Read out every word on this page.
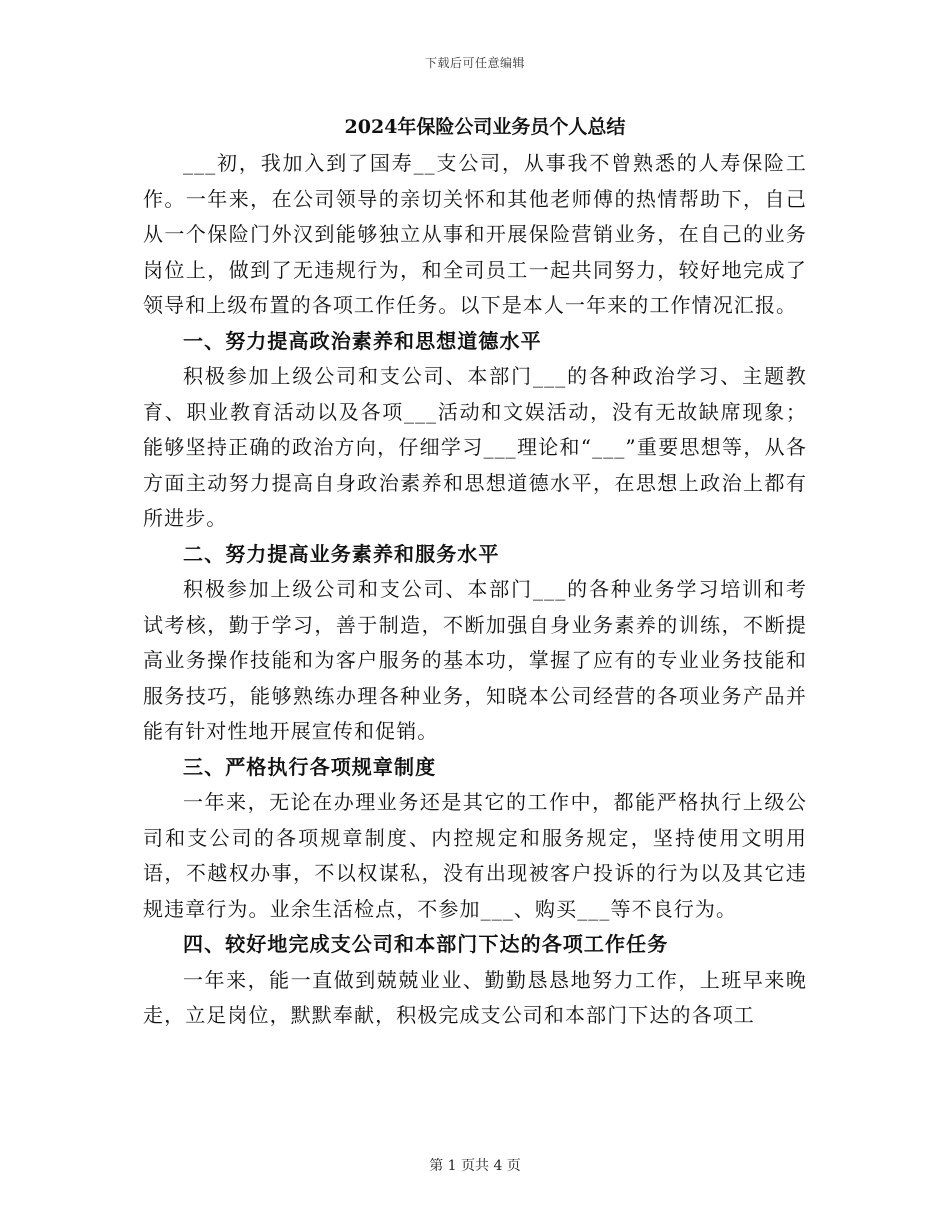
下载后可任意编辑
2024年保险公司业务员个人总结

___初，我加入到了国寿__支公司，从事我不曾熟悉的人寿保险工作。一年来，在公司领导的亲切关怀和其他老师傅的热情帮助下，自己从一个保险门外汉到能够独立从事和开展保险营销业务，在自己的业务岗位上，做到了无违规行为，和全司员工一起共同努力，较好地完成了领导和上级布置的各项工作任务。以下是本人一年来的工作情况汇报。

一、努力提高政治素养和思想道德水平

积极参加上级公司和支公司、本部门___的各种政治学习、主题教育、职业教育活动以及各项___活动和文娱活动，没有无故缺席现象；能够坚持正确的政治方向，仔细学习___理论和“___”重要思想等，从各方面主动努力提高自身政治素养和思想道德水平，在思想上政治上都有所进步。

二、努力提高业务素养和服务水平

积极参加上级公司和支公司、本部门___的各种业务学习培训和考试考核，勤于学习，善于制造，不断加强自身业务素养的训练，不断提高业务操作技能和为客户服务的基本功，掌握了应有的专业业务技能和服务技巧，能够熟练办理各种业务，知晓本公司经营的各项业务产品并能有针对性地开展宣传和促销。

三、严格执行各项规章制度

一年来，无论在办理业务还是其它的工作中，都能严格执行上级公司和支公司的各项规章制度、内控规定和服务规定，坚持使用文明用语，不越权办事，不以权谋私，没有出现被客户投诉的行为以及其它违规违章行为。业余生活检点，不参加___、购买___等不良行为。

四、较好地完成支公司和本部门下达的各项工作任务

一年来，能一直做到兢兢业业、勤勤恳恳地努力工作，上班早来晚走，立足岗位，默默奉献，积极完成支公司和本部门下达的各项工

第 1 页共 4 页
